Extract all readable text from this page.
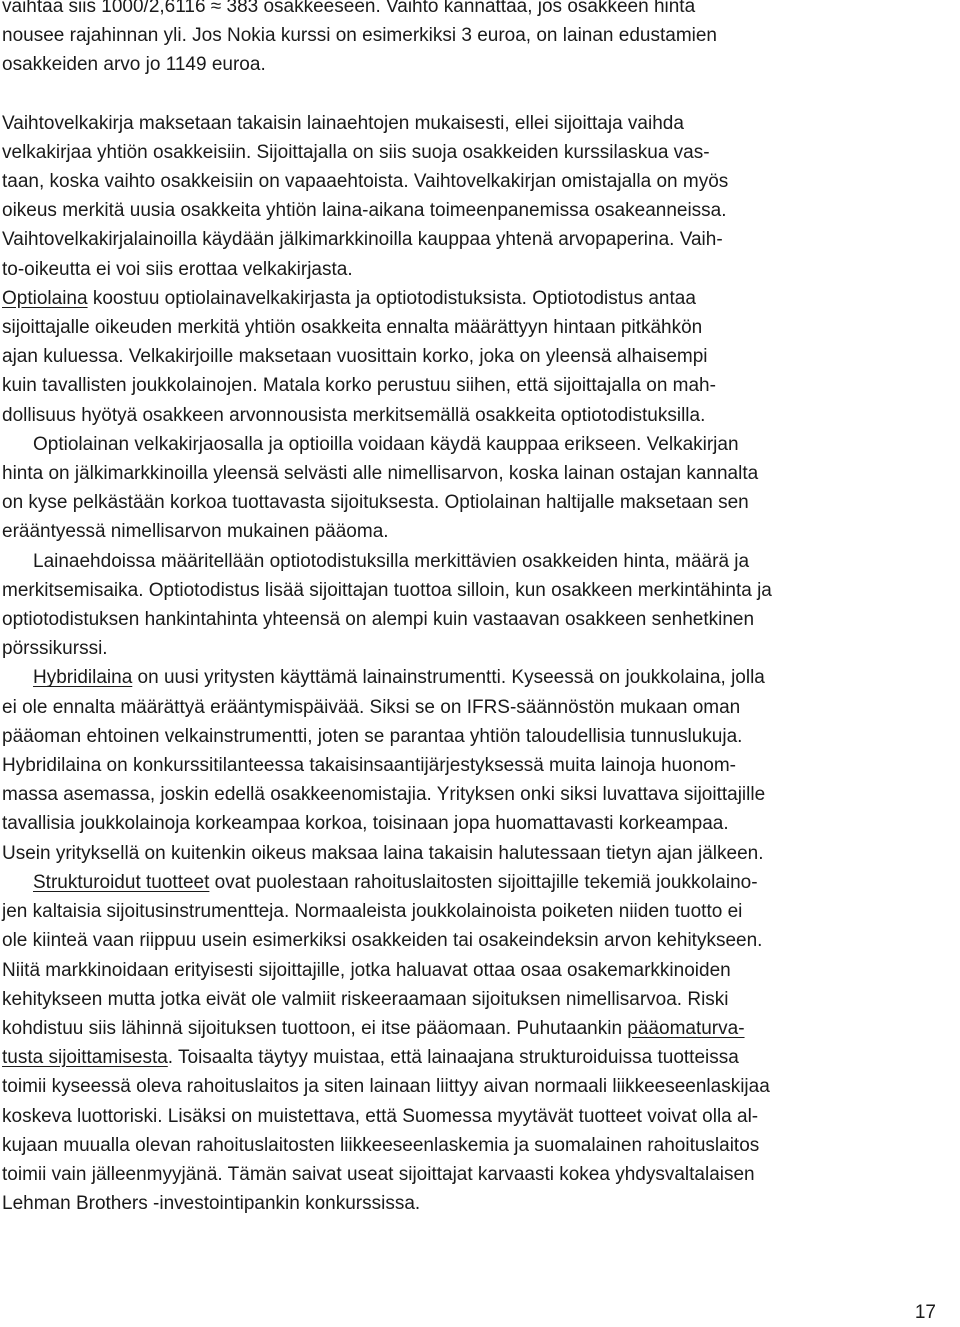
vaihtaa siis 1000/2,6116 ≈ 383 osakkeeseen. Vaihto kannattaa, jos osakkeen hinta
nousee rajahinnan yli. Jos Nokia kurssi on esimerkiksi 3 euroa, on lainan edustamien
osakkeiden arvo jo 1149 euroa.

Vaihtovelkakirja maksetaan takaisin lainaehtojen mukaisesti, ellei sijoittaja vaihda
velkakirjaa yhtiön osakkeisiin. Sijoittajalla on siis suoja osakkeiden kurssilaskua vas-
taan, koska vaihto osakkeisiin on vapaaehtoista. Vaihtovelkakirjan omistajalla on myös
oikeus merkitä uusia osakkeita yhtiön laina-aikana toimeenpanemissa osakeanneissa.
Vaihtovelkakirjalainoilla käydään jälkimarkkinoilla kauppaa yhtenä arvopaperina. Vaih-
to-oikeutta ei voi siis erottaa velkakirjasta.

Optiolaina koostuu optiolainavelkakirjasta ja optiotodistuksista. Optiotodistus antaa
sijoittajalle oikeuden merkitä yhtiön osakkeita ennalta määrättyyn hintaan pitkähkön
ajan kuluessa. Velkakirjoille maksetaan vuosittain korko, joka on yleensä alhaisempi
kuin tavallisten joukkolainojen. Matala korko perustuu siihen, että sijoittajalla on mah-
dollisuus hyötyä osakkeen arvonnousista merkitsemällä osakkeita optiotodistuksilla.

Optiolainan velkakirjaosalla ja optioilla voidaan käydä kauppaa erikseen. Velkakirjan
hinta on jälkimarkkinoilla yleensä selvästi alle nimellisarvon, koska lainan ostajan kannalta
on kyse pelkästään korkoa tuottavasta sijoituksesta. Optiolainan haltijalle maksetaan sen
erääntyessä nimellisarvon mukainen pääoma.

Lainaehdoissa määritellään optiotodistuksilla merkittävien osakkeiden hinta, määrä ja
merkitsemisaika. Optiotodistus lisää sijoittajan tuottoa silloin, kun osakkeen merkintähinta ja
optiotodistuksen hankintahinta yhteensä on alempi kuin vastaavan osakkeen senhetkinen
pörssikurssi.

Hybridilaina on uusi yritysten käyttämä lainainstrumentti. Kyseessä on joukkolaina, jolla
ei ole ennalta määrättyä erääntymispäivää. Siksi se on IFRS-säännöstön mukaan oman
pääoman ehtoinen velkainstrumentti, joten se parantaa yhtiön taloudellisia tunnuslukuja.
Hybridilaina on konkurssitilanteessa takaisinsaantijärjestyksessä muita lainoja huonom-
massa asemassa, joskin edellä osakkeenomistajia. Yrityksen onki siksi luvattava sijoittajille
tavallisia joukkolainoja korkeampaa korkoa, toisinaan jopa huomattavasti korkeampaa.
Usein yrityksellä on kuitenkin oikeus maksaa laina takaisin halutessaan tietyn ajan jälkeen.

Strukturoidut tuotteet ovat puolestaan rahoituslaitosten sijoittajille tekemiä joukkolaino-
jen kaltaisia sijoitusinstrumentteja. Normaaleista joukkolainoista poiketen niiden tuotto ei
ole kiinteä vaan riippuu usein esimerkiksi osakkeiden tai osakeindeksin arvon kehitykseen.
Niitä markkinoidaan erityisesti sijoittajille, jotka haluavat ottaa osaa osakemarkkinoiden
kehitykseen mutta jotka eivät ole valmiit riskeeraamaan sijoituksen nimellisarvoa. Riski
kohdistuu siis lähinnä sijoituksen tuottoon, ei itse pääomaan. Puhutaankin pääomaturva-
tusta sijoittamisesta. Toisaalta täytyy muistaa, että lainaajana strukturoiduissa tuotteissa
toimii kyseessä oleva rahoituslaitos ja siten lainaan liittyy aivan normaali liikkeeseenlaskijaa
koskeva luottoriski. Lisäksi on muistettava, että Suomessa myytävät tuotteet voivat olla al-
kujaan muualla olevan rahoituslaitosten liikkeeseenlaskemia ja suomalainen rahoituslaitos
toimii vain jälleenmyyjänä. Tämän saivat useat sijoittajat karvaasti kokea yhdysvaltalaisen
Lehman Brothers -investointipankin konkurssissa.

17
